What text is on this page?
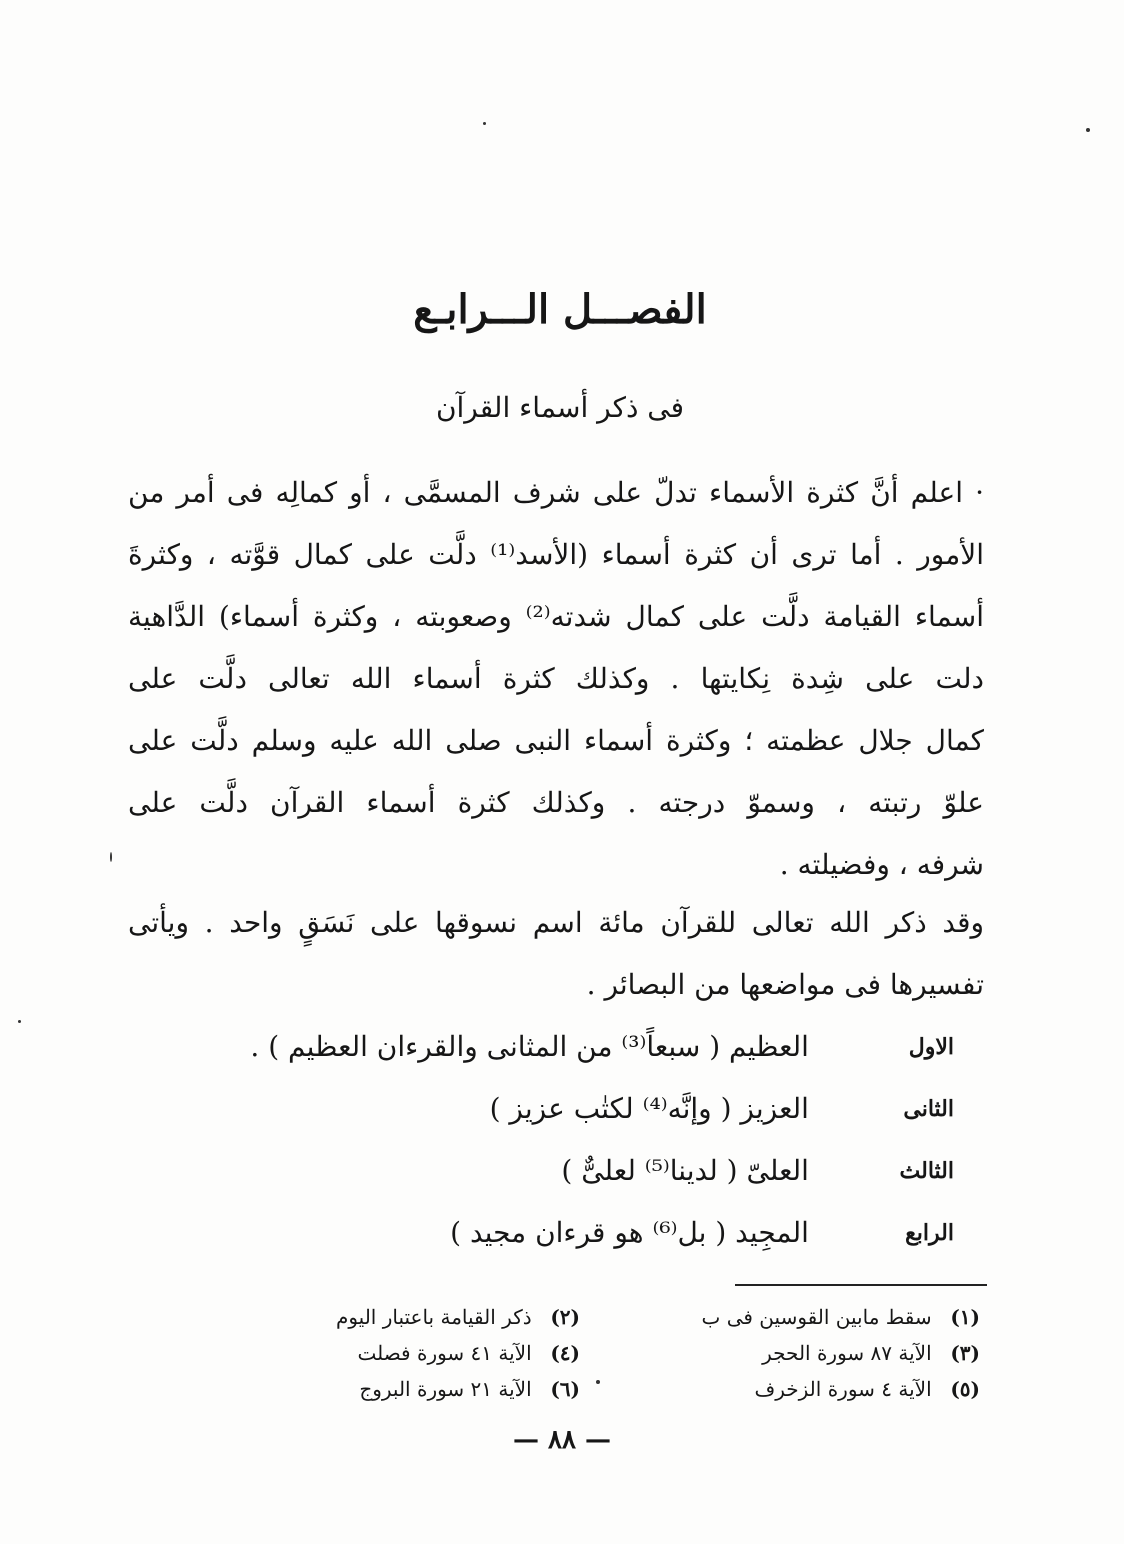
الفصـــل الـــرابـع
فى ذكر أسماء القرآن
· اعلم أنَّ كثرة الأسماء تدلّ على شرف المسمَّى ، أو كمالِه فى أمر من
الأمور . أما ترى أن كثرة أسماء (الأسد⁽¹⁾ دلَّت على كمال قوَّته ، وكثرةَ
أسماء القيامة دلَّت على كمال شدته⁽²⁾ وصعوبته ، وكثرة أسماء) الدَّاهية
دلت على شِدة نِكايتها . وكذلك كثرة أسماء الله تعالى دلَّت على
كمال جلال عظمته ؛ وكثرة أسماء النبى صلى الله عليه وسلم دلَّت على
علوّ رتبته ، وسموّ درجته . وكذلك كثرة أسماء القرآن دلَّت على
شرفه ، وفضيلته .
وقد ذكر الله تعالى للقرآن مائة اسم نسوقها على نَسَقٍ واحد . ويأتى
تفسيرها فى مواضعها من البصائر .
الاول العظيم ( سبعاً⁽³⁾ من المثانى والقرءان العظيم ) .
الثانى العزيز ( وإنَّه⁽⁴⁾ لكتٰب عزيز )
الثالث العلىّ ( لدينا⁽⁵⁾ لعلىٌّ )
الرابع المجِيد ( بل⁽⁶⁾ هو قرءان مجيد )
(١) سقط مابين القوسين فى ب
(٢) ذكر القيامة باعتبار اليوم
(٣) الآية ٨٧ سورة الحجر
(٤) الآية ٤١ سورة فصلت
(٥) الآية ٤ سورة الزخرف
(٦) الآية ٢١ سورة البروج
— ٨٨ —
